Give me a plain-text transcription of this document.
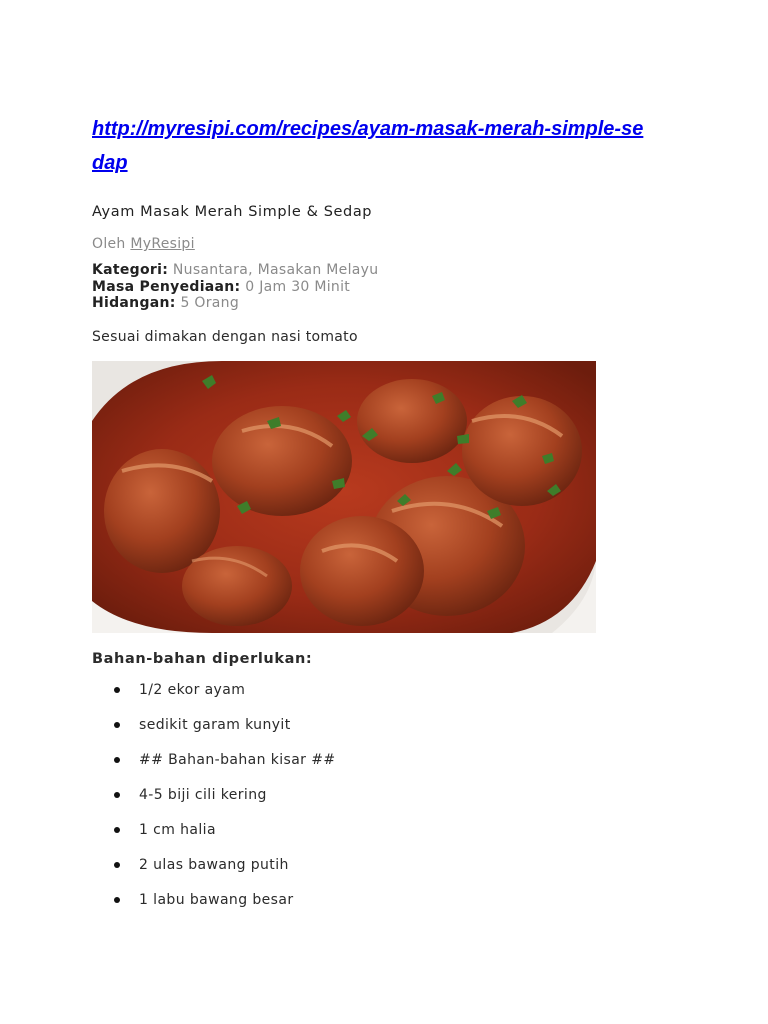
http://myresipi.com/recipes/ayam-masak-merah-simple-sedap
Ayam Masak Merah Simple & Sedap
Oleh MyResipi
Kategori: Nusantara, Masakan Melayu
Masa Penyediaan: 0 Jam 30 Minit
Hidangan: 5 Orang
Sesuai dimakan dengan nasi tomato
Bahan-bahan diperlukan:
1/2 ekor ayam
sedikit garam kunyit
## Bahan-bahan kisar ##
4-5 biji cili kering
1 cm halia
2 ulas bawang putih
1 labu bawang besar
